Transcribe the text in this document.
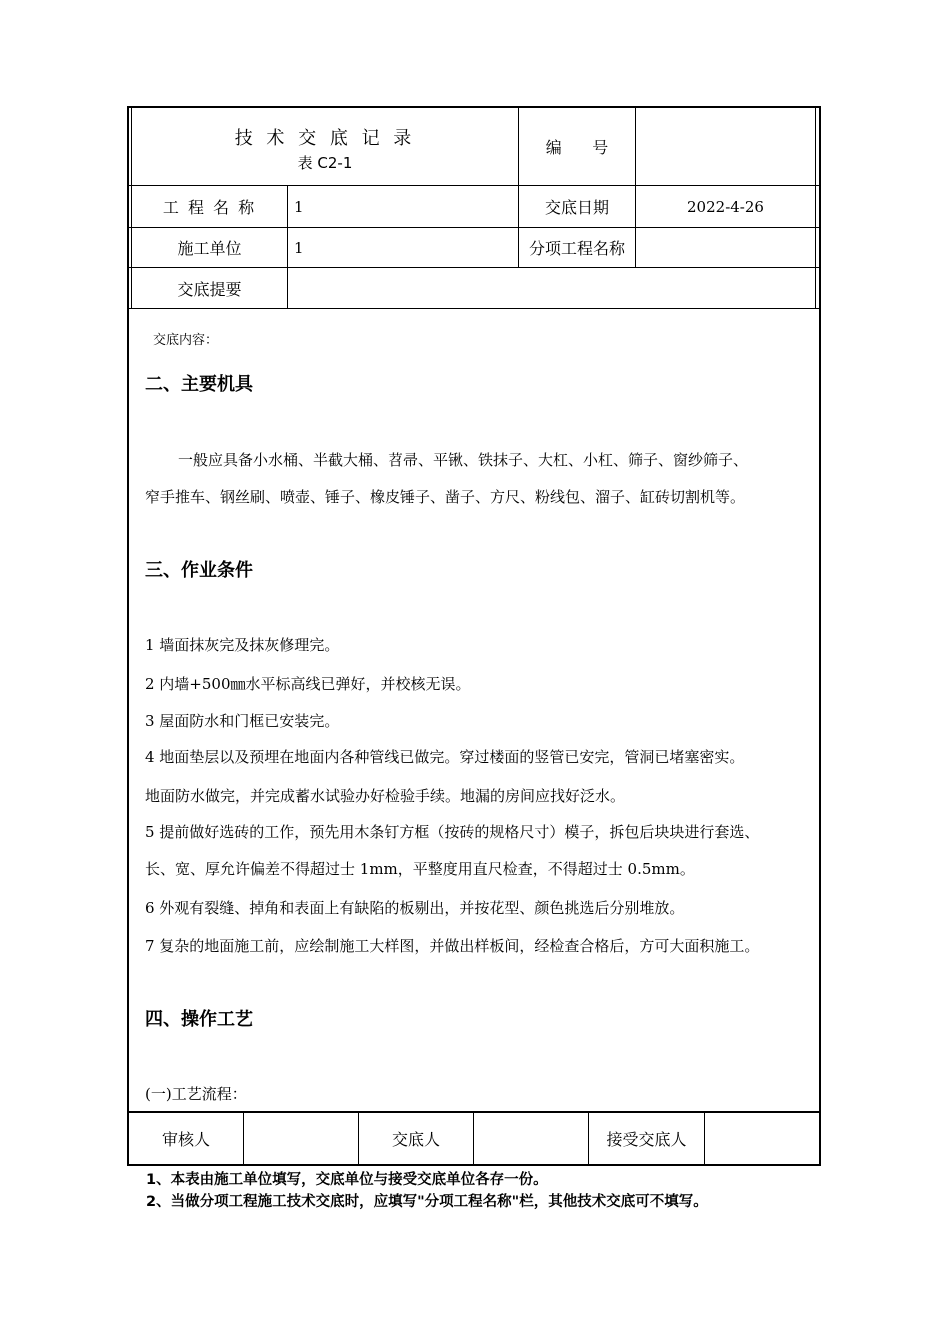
技 术 交 底 记 录
表 C2-1
编      号
工 程 名 称	1	交底日期	2022-4-26
施工单位	1	分项工程名称
交底提要
交底内容：
二、主要机具
一般应具备小水桶、半截大桶、苕帚、平锹、铁抹子、大杠、小杠、筛子、窗纱筛子、
窄手推车、钢丝刷、喷壶、锤子、橡皮锤子、凿子、方尺、粉线包、溜子、缸砖切割机等。
三、作业条件
1 墙面抹灰完及抹灰修理完。
2 内墙+500㎜水平标高线已弹好，并校核无误。
3 屋面防水和门框已安装完。
4 地面垫层以及预埋在地面内各种管线已做完。穿过楼面的竖管已安完，管洞已堵塞密实。
地面防水做完，并完成蓄水试验办好检验手续。地漏的房间应找好泛水。
5 提前做好选砖的工作，预先用木条钉方框（按砖的规格尺寸）模子，拆包后块块进行套选、
长、宽、厚允许偏差不得超过士 1mm，平整度用直尺检查，不得超过士 0.5mm。
6 外观有裂缝、掉角和表面上有缺陷的板剔出，并按花型、颜色挑选后分别堆放。
7 复杂的地面施工前，应绘制施工大样图，并做出样板间，经检查合格后，方可大面积施工。
四、操作工艺
(一)工艺流程：
审核人	交底人	接受交底人
1、本表由施工单位填写，交底单位与接受交底单位各存一份。
2、当做分项工程施工技术交底时，应填写"分项工程名称"栏，其他技术交底可不填写。
